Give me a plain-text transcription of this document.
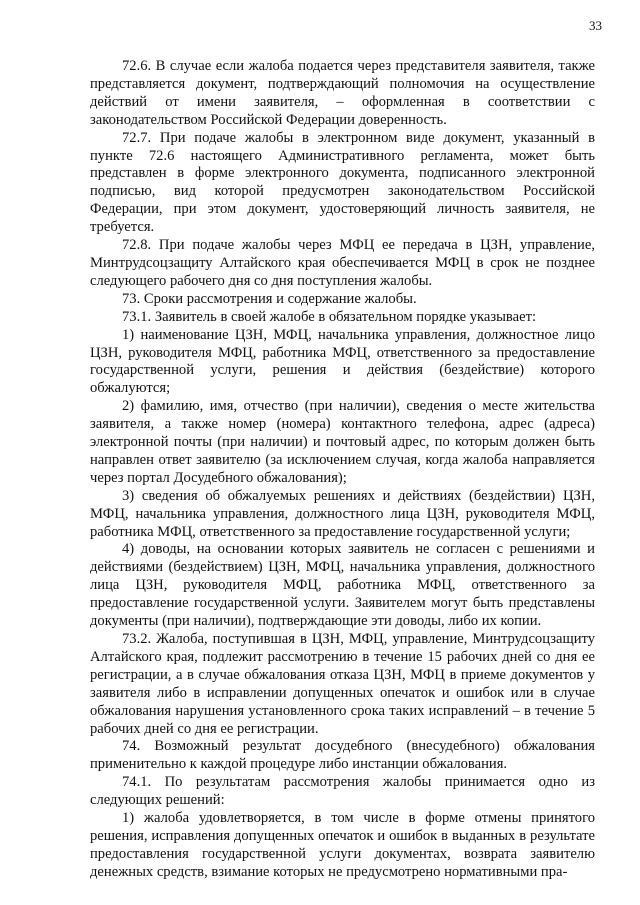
33

72.6. В случае если жалоба подается через представителя заявителя, также представляется документ, подтверждающий полномочия на осуществление действий от имени заявителя, – оформленная в соответствии с законодательством Российской Федерации доверенность.

72.7. При подаче жалобы в электронном виде документ, указанный в пункте 72.6 настоящего Административного регламента, может быть представлен в форме электронного документа, подписанного электронной подписью, вид которой предусмотрен законодательством Российской Федерации, при этом документ, удостоверяющий личность заявителя, не требуется.

72.8. При подаче жалобы через МФЦ ее передача в ЦЗН, управление, Минтрудсоцзащиту Алтайского края обеспечивается МФЦ в срок не позднее следующего рабочего дня со дня поступления жалобы.

73. Сроки рассмотрения и содержание жалобы.

73.1. Заявитель в своей жалобе в обязательном порядке указывает:

1) наименование ЦЗН, МФЦ, начальника управления, должностное лицо ЦЗН, руководителя МФЦ, работника МФЦ, ответственного за предоставление государственной услуги, решения и действия (бездействие) которого обжалуются;

2) фамилию, имя, отчество (при наличии), сведения о месте жительства заявителя, а также номер (номера) контактного телефона, адрес (адреса) электронной почты (при наличии) и почтовый адрес, по которым должен быть направлен ответ заявителю (за исключением случая, когда жалоба направляется через портал Досудебного обжалования);

3) сведения об обжалуемых решениях и действиях (бездействии) ЦЗН, МФЦ, начальника управления, должностного лица ЦЗН, руководителя МФЦ, работника МФЦ, ответственного за предоставление государственной услуги;

4) доводы, на основании которых заявитель не согласен с решениями и действиями (бездействием) ЦЗН, МФЦ, начальника управления, должностного лица ЦЗН, руководителя МФЦ, работника МФЦ, ответственного за предоставление государственной услуги. Заявителем могут быть представлены документы (при наличии), подтверждающие эти доводы, либо их копии.

73.2. Жалоба, поступившая в ЦЗН, МФЦ, управление, Минтрудсоцзащиту Алтайского края, подлежит рассмотрению в течение 15 рабочих дней со дня ее регистрации, а в случае обжалования отказа ЦЗН, МФЦ в приеме документов у заявителя либо в исправлении допущенных опечаток и ошибок или в случае обжалования нарушения установленного срока таких исправлений – в течение 5 рабочих дней со дня ее регистрации.

74. Возможный результат досудебного (внесудебного) обжалования применительно к каждой процедуре либо инстанции обжалования.

74.1. По результатам рассмотрения жалобы принимается одно из следующих решений:

1) жалоба удовлетворяется, в том числе в форме отмены принятого решения, исправления допущенных опечаток и ошибок в выданных в результате предоставления государственной услуги документах, возврата заявителю денежных средств, взимание которых не предусмотрено нормативными пра-
